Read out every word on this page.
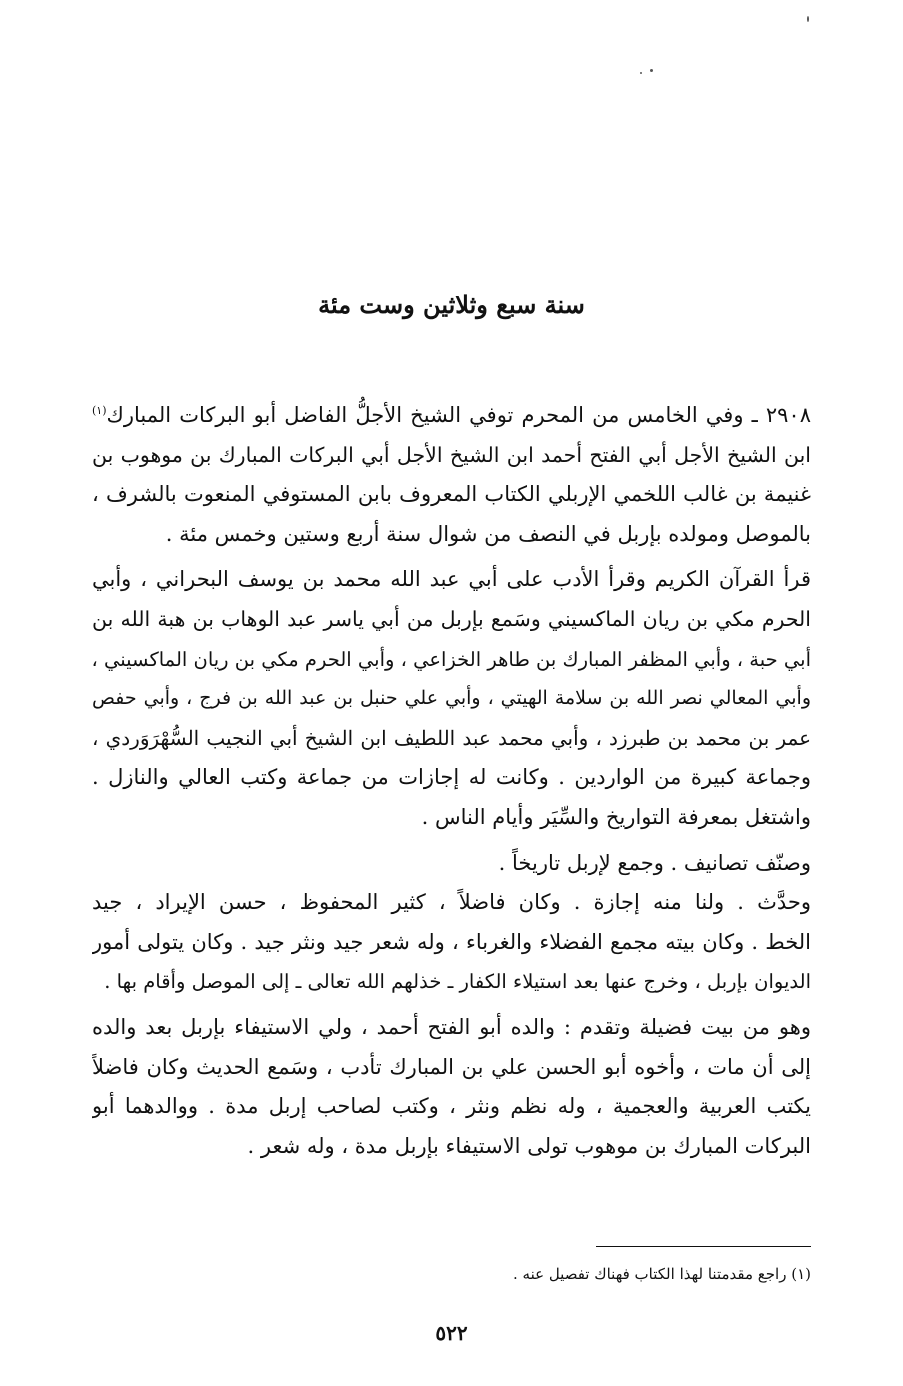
سنة سبع وثلاثين وست مئة
٢٩٠٨ ـ وفي الخامس من المحرم توفي الشيخ الأجلُّ الفاضل أبو البركات المبارك$^{(١)}$
ابن الشيخ الأجل أبي الفتح أحمد ابن الشيخ الأجل أبي البركات المبارك بن موهوب بن
غنيمة بن غالب اللخمي الإربلي الكتاب المعروف بابن المستوفي المنعوت بالشرف ،
بالموصل ومولده بإربل في النصف من شوال سنة أربع وستين وخمس مئة .
قرأ القرآن الكريم وقرأ الأدب على أبي عبد الله محمد بن يوسف البحراني ، وأبي
الحرم مكي بن ريان الماكسيني وسَمع بإربل من أبي ياسر عبد الوهاب بن هبة الله بن
أبي حبة ، وأبي المظفر المبارك بن طاهر الخزاعي ، وأبي الحرم مكي بن ريان الماكسيني ،
وأبي المعالي نصر الله بن سلامة الهيتي ، وأبي علي حنبل بن عبد الله بن فرج ، وأبي حفص
عمر بن محمد بن طبرزد ، وأبي محمد عبد اللطيف ابن الشيخ أبي النجيب السُّهْرَوَردي ،
وجماعة كبيرة من الواردين . وكانت له إجازات من جماعة وكتب العالي والنازل .
واشتغل بمعرفة التواريخ والسِّيَر وأيام الناس .
وصنّف تصانيف . وجمع لإربل تاريخاً .
وحدَّث . ولنا منه إجازة . وكان فاضلاً ، كثير المحفوظ ، حسن الإيراد ، جيد
الخط . وكان بيته مجمع الفضلاء والغرباء ، وله شعر جيد ونثر جيد . وكان يتولى أمور
الديوان بإربل ، وخرج عنها بعد استيلاء الكفار ـ خذلهم الله تعالى ـ إلى الموصل وأقام بها .
وهو من بيت فضيلة وتقدم : والده أبو الفتح أحمد ، ولي الاستيفاء بإربل بعد والده
إلى أن مات ، وأخوه أبو الحسن علي بن المبارك تأدب ، وسَمع الحديث وكان فاضلاً
يكتب العربية والعجمية ، وله نظم ونثر ، وكتب لصاحب إربل مدة . ووالدهما أبو
البركات المبارك بن موهوب تولى الاستيفاء بإربل مدة ، وله شعر .
(١) راجع مقدمتنا لهذا الكتاب فهناك تفصيل عنه .
٥٢٢
